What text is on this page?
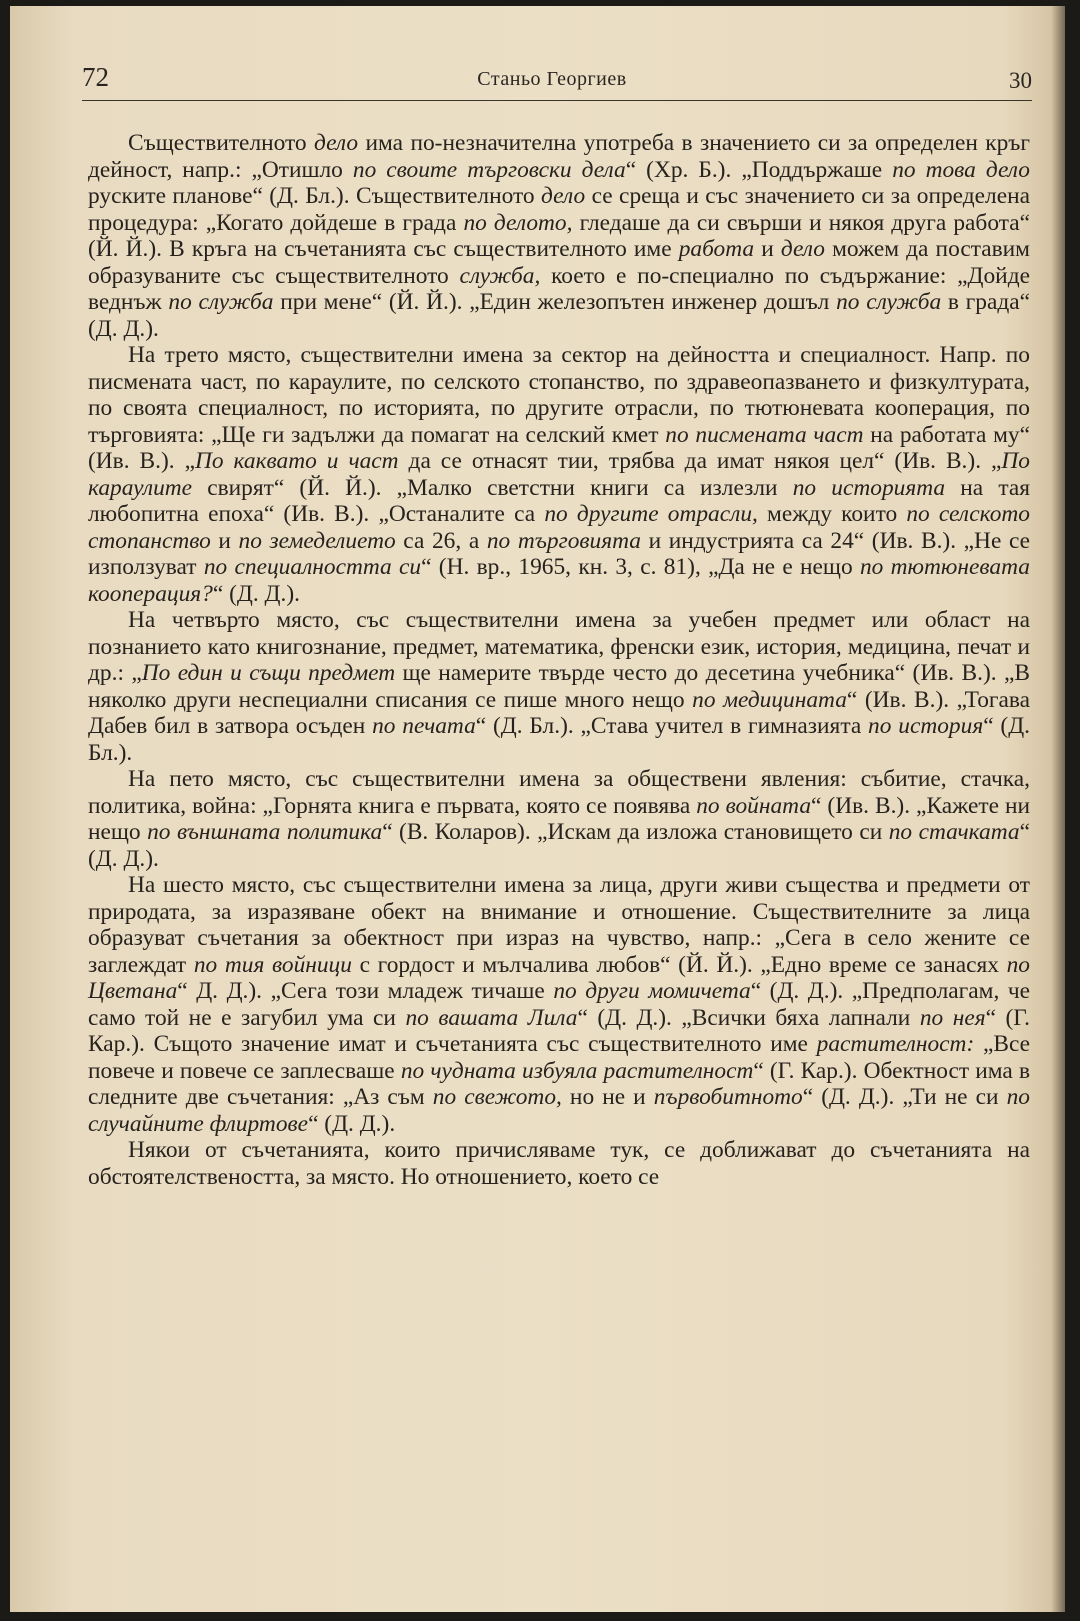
72	Станьо Георгиев	30

Съществителното дело има по-незначителна употреба в значението си за определен кръг дейност, напр.: „Отишло по своите търговски дела“ (Хр. Б.). „Поддържаше по това дело руските планове“ (Д. Бл.). Съществителното дело се среща и със значението си за определена процедура: „Когато дойдеше в града по делото, гледаше да си свърши и някоя друга работа“ (Й. Й.). В кръга на съчетанията със съществителното име работа и дело можем да поставим образуваните със съществителното служба, което е по-специално по съдържание: „Дойде веднъж по служба при мене“ (Й. Й.). „Един железопътен инженер дошъл по служба в града“ (Д. Д.).

На трето място, съществителни имена за сектор на дейността и специалност. Напр. по писмената част, по караулите, по селското стопанство, по здравеопазването и физкултурата, по своята специалност, по историята, по другите отрасли, по тютюневата кооперация, по търговията: „Ще ги задължи да помагат на селский кмет по писмената част на работата му“ (Ив. В.). „По каквато и част да се отнасят тии, трябва да имат някоя цел“ (Ив. В.). „По караулите свирят“ (Й. Й.). „Малко светстни книги са излезли по историята на тая любопитна епоха“ (Ив. В.). „Останалите са по другите отрасли, между които по селското стопанство и по земеделието са 26, а по търговията и индустрията са 24“ (Ив. В.). „Не се използуват по специалността си“ (Н. вр., 1965, кн. 3, с. 81), „Да не е нещо по тютюневата кооперация?“ (Д. Д.).

На четвърто място, със съществителни имена за учебен предмет или област на познанието като книгознание, предмет, математика, френски език, история, медицина, печат и др.: „По един и същи предмет ще намерите твърде често до десетина учебника“ (Ив. В.). „В няколко други неспециални списания се пише много нещо по медицината“ (Ив. В.). „Тогава Дабев бил в затвора осъден по печата“ (Д. Бл.). „Става учител в гимназията по история“ (Д. Бл.).

На пето място, със съществителни имена за обществени явления: събитие, стачка, политика, война: „Горнята книга е първата, която се появява по войната“ (Ив. В.). „Кажете ни нещо по външната политика“ (В. Коларов). „Искам да изложа становището си по стачката“ (Д. Д.).

На шесто място, със съществителни имена за лица, други живи същества и предмети от природата, за изразяване обект на внимание и отношение. Съществителните за лица образуват съчетания за обектност при израз на чувство, напр.: „Сега в село жените се заглеждат по тия войници с гордост и мълчалива любов“ (Й. Й.). „Едно време се занасях по Цветана“ Д. Д.). „Сега този младеж тичаше по други момичета“ (Д. Д.). „Предполагам, че само той не е загубил ума си по вашата Лила“ (Д. Д.). „Всички бяха лапнали по нея“ (Г. Кар.). Същото значение имат и съчетанията със съществителното име растителност: „Все повече и повече се заплесваше по чудната избуяла растителност“ (Г. Кар.). Обектност има в следните две съчетания: „Аз съм по свежото, но не и първобитното“ (Д. Д.). „Ти не си по случайните флиртове“ (Д. Д.).

Някои от съчетанията, които причисляваме тук, се доближават до съчетанията на обстоятелствеността, за място. Но отношението, което се
